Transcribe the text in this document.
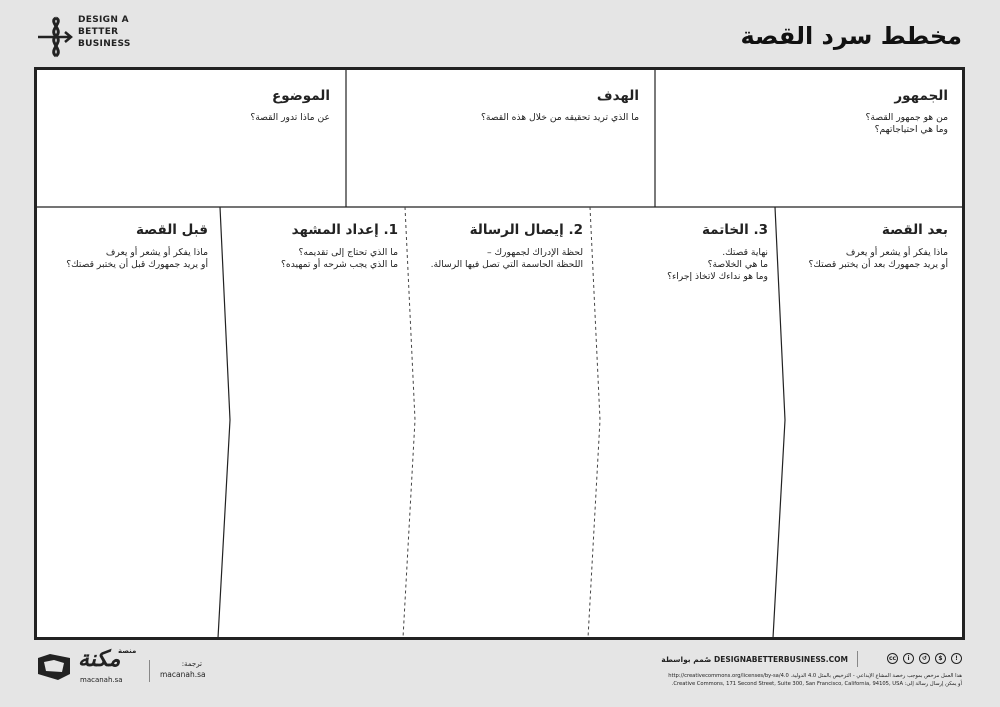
DESIGN A
BETTER
BUSINESS	مخطط سرد القصة
الجمهور
من هو جمهور القصة؟
وما هي احتياجاتهم؟
الهدف
ما الذي تريد تحقيقه من خلال هذه القصة؟
الموضوع
عن ماذا تدور القصة؟
بعد القصة
ماذا يفكر أو يشعر أو يعرف
أو يريد جمهورك بعد أن يختبر قصتك؟
3. الخاتمة
نهاية قصتك.
ما هي الخلاصة؟
وما هو نداءك لاتخاذ إجراء؟
2. إيصال الرسالة
لحظة الإدراك لجمهورك –
اللحظة الحاسمة التي تصل فيها الرسالة.
1. إعداد المشهد
ما الذي تحتاج إلى تقديمه؟
ما الذي يجب شرحه أو تمهيده؟
قبل القصة
ماذا يفكر أو يشعر أو يعرف
أو يريد جمهورك قبل أن يختبر قصتك؟
مكنة
منصة
macanah.sa
ترجمة:
macanah.sa
cc	i	↺	$	!
صُمم بواسطة DESIGNABETTERBUSINESS.COM
هذا العمل مرخص بموجب رخصة المشاع الإبداعي - الترخيص بالمثل 4.0 الدولية. http://creativecommons.org/licenses/by-sa/4.0
أو يمكن إرسال رسالة إلى: Creative Commons, 171 Second Street, Suite 300, San Francisco, California, 94105, USA.
